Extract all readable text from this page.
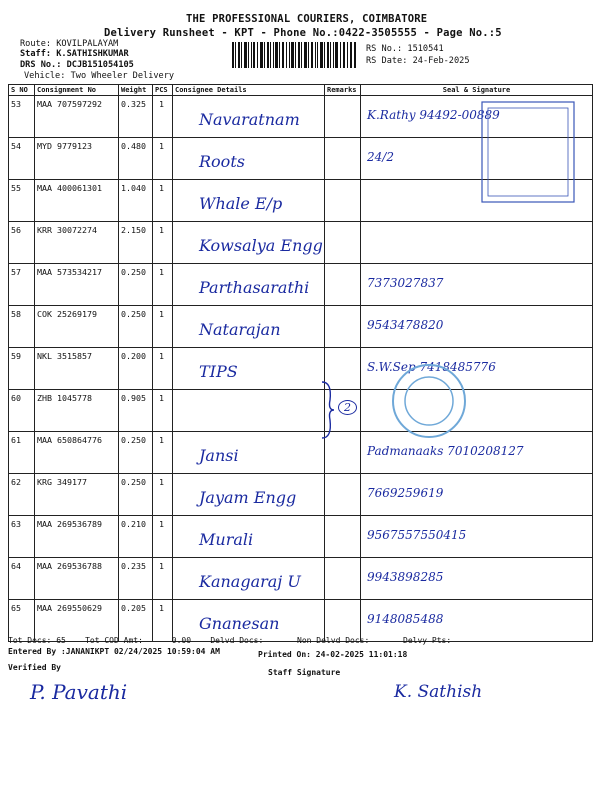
THE PROFESSIONAL COURIERS, COIMBATORE
Delivery Runsheet - KPT - Phone No.:0422-3505555 - Page No.:5
Route: KOVILPALAYAM
Staff: K.SATHISHKUMAR
DRS No.: DCJB151054105
Vehicle: Two Wheeler Delivery
RS No.: 1510541
RS Date: 24-Feb-2025
S NO	Consignment No	Weight	PCS	Consignee Details	Remarks	Seal & Signature
53	MAA 707597292	0.325	1	Navaratnam		K.Rathy 94492-00889

54	MYD 9779123	0.480	1	Roots		24/2

55	MAA 400061301	1.040	1	Whale E/p		

56	KRR 30072274	2.150	1	Kowsalya Engg		

57	MAA 573534217	0.250	1	Parthasarathi		7373027837

58	COK 25269179	0.250	1	Natarajan		9543478820

59	NKL 3515857	0.200	1	TIPS		S.W.Sep 7418485776

60	ZHB 1045778	0.905	1	

61	MAA 650864776	0.250	1	Jansi		Padmanaaks 7010208127

62	KRG 349177	0.250	1	Jayam Engg		7669259619

63	MAA 269536789	0.210	1	Murali		9567557550415

64	MAA 269536788	0.235	1	Kanagaraj U		9943898285

65	MAA 269550629	0.205	1	Gnanesan		9148085488
2
Tot Docs: 65 Tot COD Amt:	0.00 Delvd Docs:	Non Delvd Docs:	Delvy Pts:
Entered By :JANANIKPT 02/24/2025 10:59:04 AM	Printed On: 24-02-2025 11:01:18
Verified By
P. Pavathi
Staff Signature
K. Sathish
